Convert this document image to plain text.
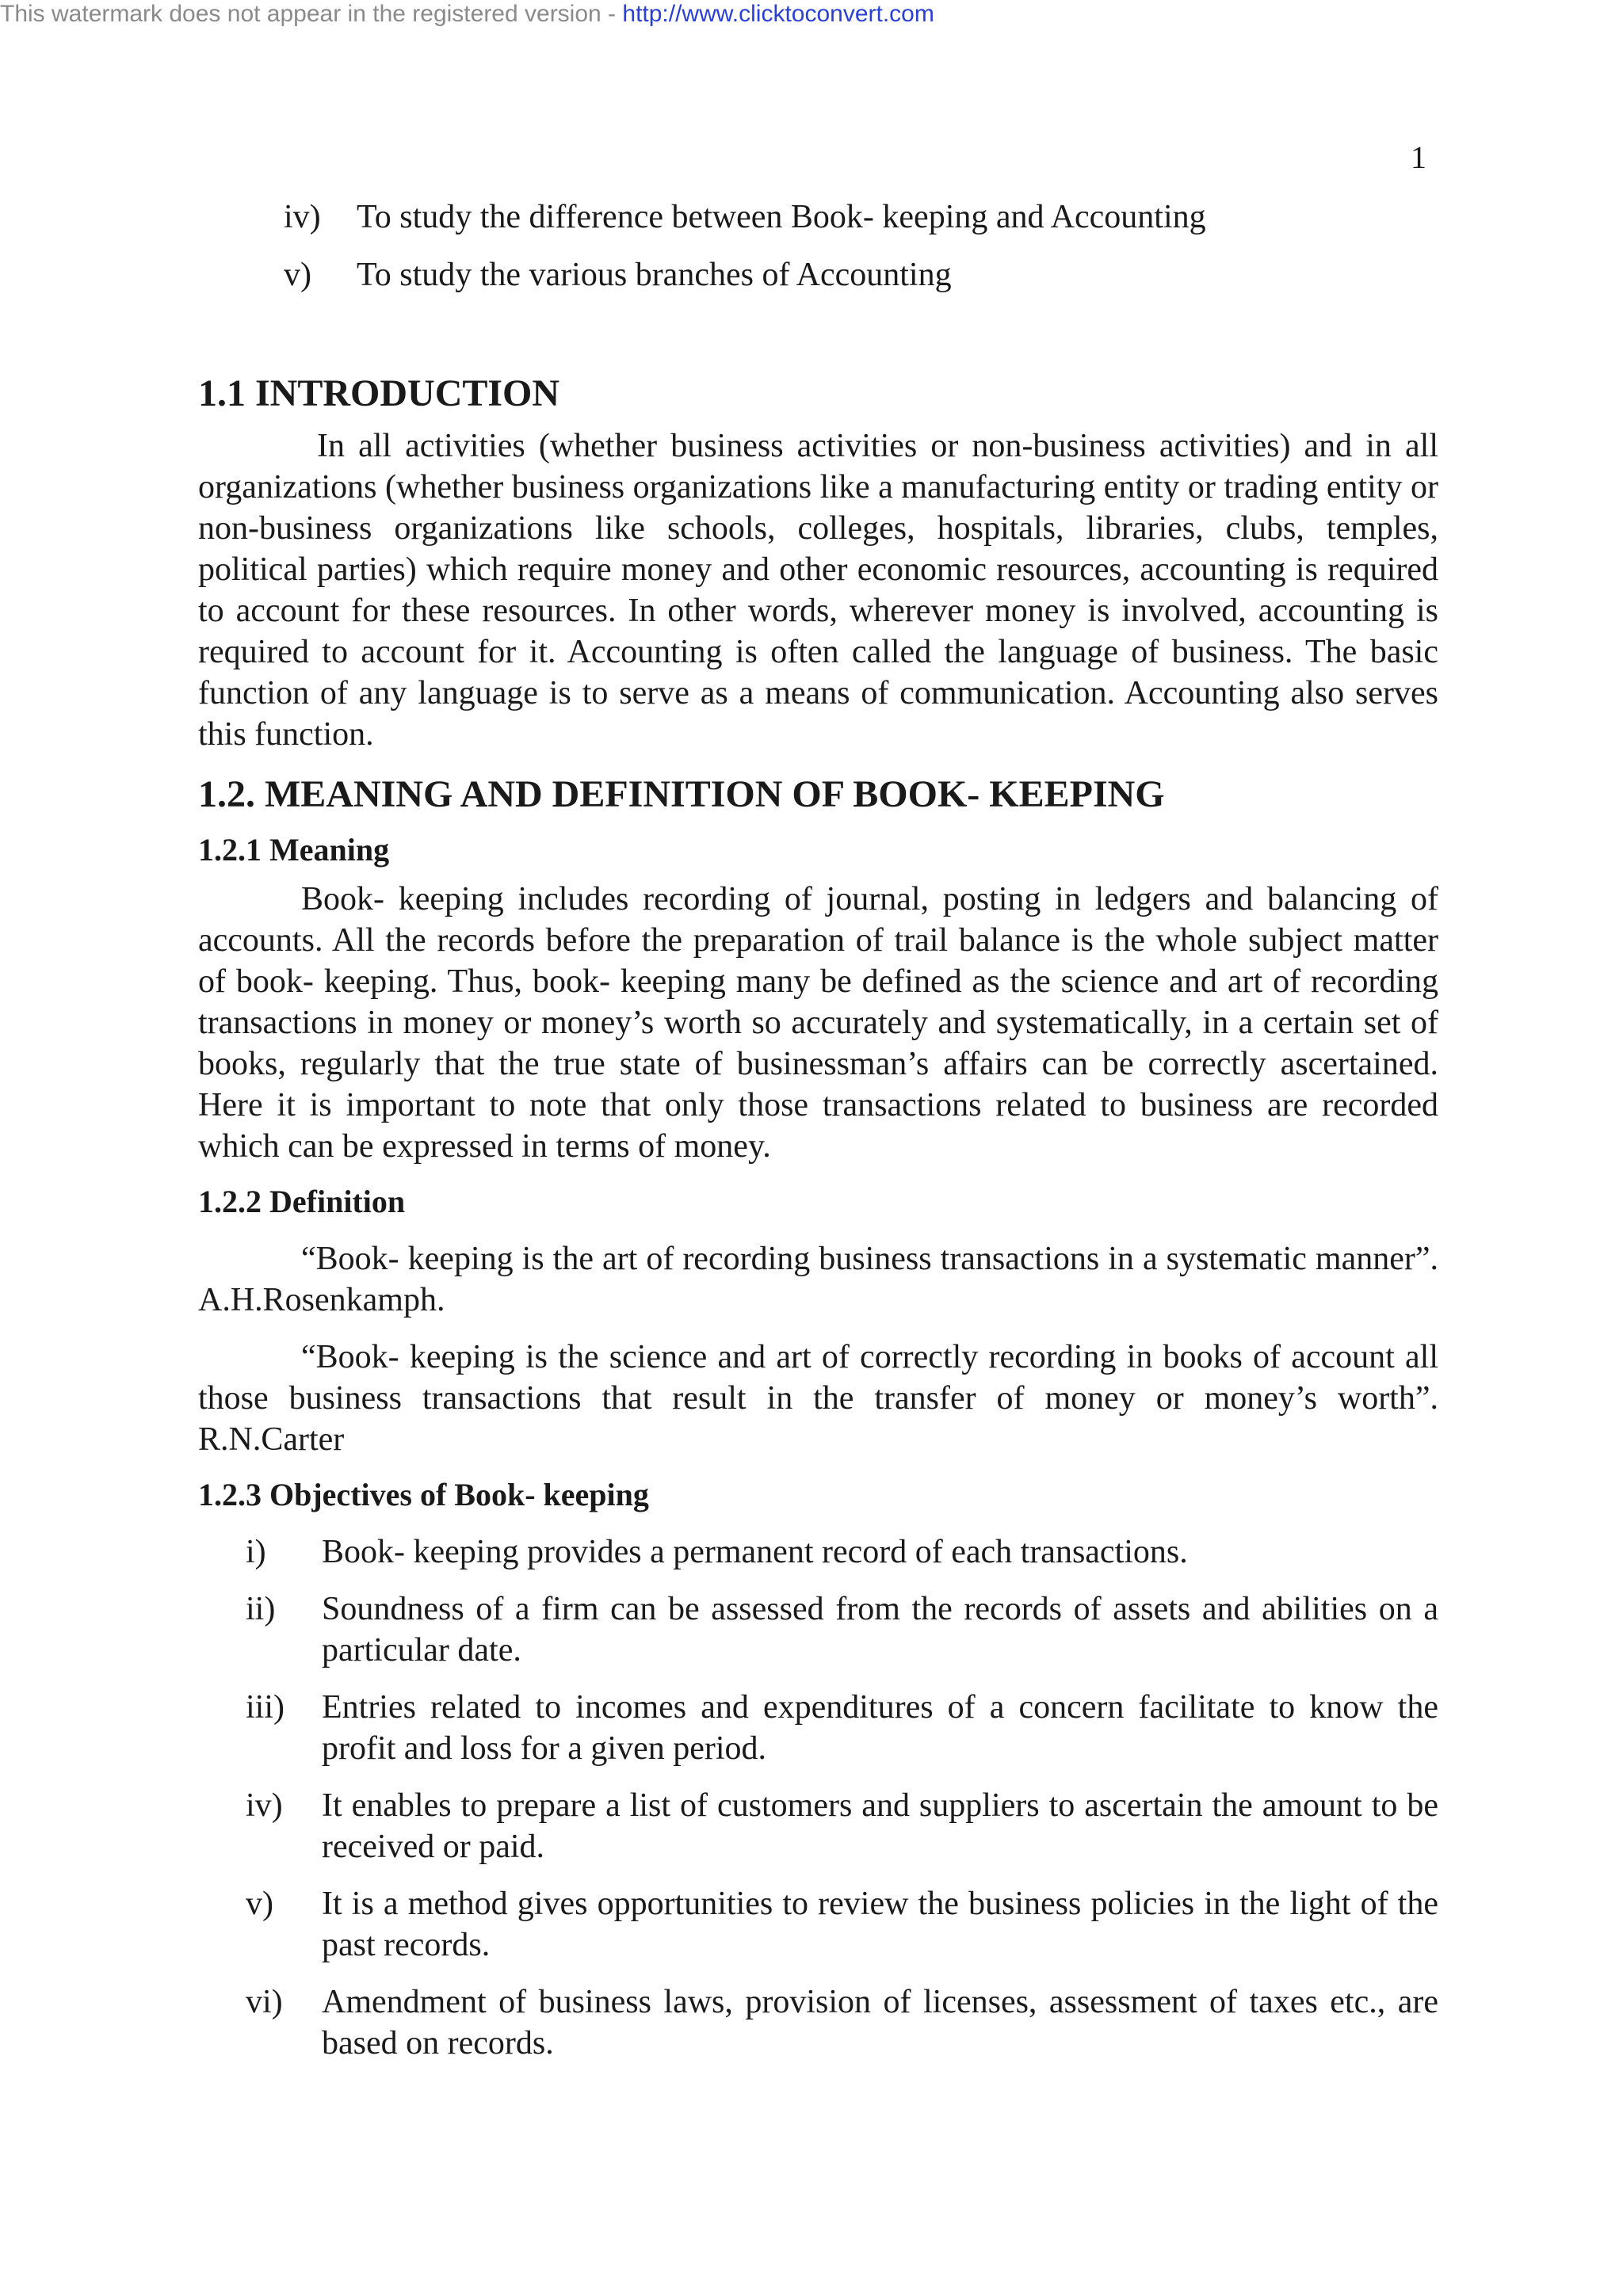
This watermark does not appear in the registered version - http://www.clicktoconvert.com
1
iv)	To study the difference between Book- keeping and Accounting
v)	To study the various branches of Accounting
1.1 INTRODUCTION

In all activities (whether business activities or non-business activities) and in all organizations (whether business organizations like a manufacturing entity or trading entity or non-business organizations like schools, colleges, hospitals, libraries, clubs, temples, political parties) which require money and other economic resources, accounting is required to account for these resources. In other words, wherever money is involved, accounting is required to account for it. Accounting is often called the language of business. The basic function of any language is to serve as a means of communication. Accounting also serves this function.

1.2. MEANING AND DEFINITION OF BOOK- KEEPING
1.2.1 Meaning

Book- keeping includes recording of journal, posting in ledgers and balancing of accounts. All the records before the preparation of trail balance is the whole subject matter of book- keeping. Thus, book- keeping many be defined as the science and art of recording transactions in money or money’s worth so accurately and systematically, in a certain set of books, regularly that the true state of businessman’s affairs can be correctly ascertained. Here it is important to note that only those transactions related to business are recorded which can be expressed in terms of money.

1.2.2 Definition

“Book- keeping is the art of recording business transactions in a systematic manner”. A.H.Rosenkamph.

“Book- keeping is the science and art of correctly recording in books of account all those business transactions that result in the transfer of money or money’s worth”. R.N.Carter

1.2.3 Objectives of Book- keeping
i)	Book- keeping provides a permanent record of each transactions.
ii)	Soundness of a firm can be assessed from the records of assets and abilities on a particular date.
iii)	Entries related to incomes and expenditures of a concern facilitate to know the profit and loss for a given period.
iv)	It enables to prepare a list of customers and suppliers to ascertain the amount to be received or paid.
v)	It is a method gives opportunities to review the business policies in the light of the past records.
vi)	Amendment of business laws, provision of licenses, assessment of taxes etc., are based on records.
